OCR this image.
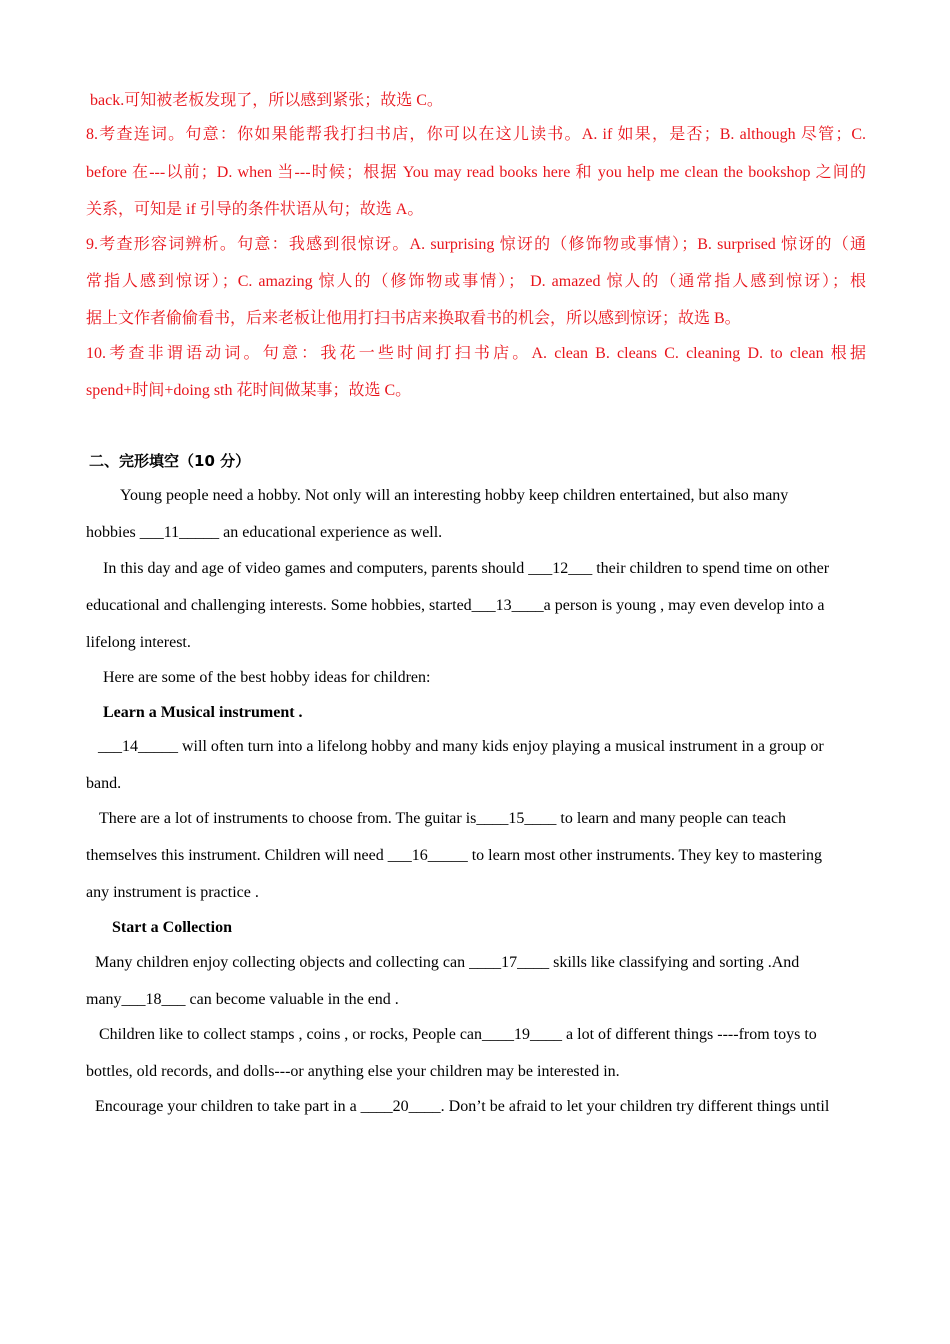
back.可知被老板发现了，所以感到紧张；故选 C。
8.考查连词。句意：你如果能帮我打扫书店，你可以在这儿读书。A. if 如果，是否；B. although 尽管；C.
before 在---以前；D. when 当---时候；根据 You may read books here 和 you help me clean the bookshop 之间的
关系，可知是 if 引导的条件状语从句；故选 A。
9.考查形容词辨析。句意：我感到很惊讶。A. surprising 惊讶的（修饰物或事情）；B. surprised 惊讶的（通
常指人感到惊讶）；C. amazing 惊人的（修饰物或事情）； D. amazed 惊人的（通常指人感到惊讶）；根
据上文作者偷偷看书，后来老板让他用打扫书店来换取看书的机会，所以感到惊讶；故选 B。
10.考查非谓语动词。句意：我花一些时间打扫书店。A. clean B. cleans C. cleaning D. to clean 根据
spend+时间+doing sth 花时间做某事；故选 C。
二、完形填空（10 分）
Young people need a hobby. Not only will an interesting hobby keep children entertained, but also many
hobbies ___11_____ an educational experience as well.
In this day and age of video games and computers, parents should ___12___ their children to spend time on other
educational and challenging interests. Some hobbies, started___13____a person is young , may even develop into a
lifelong interest.
Here are some of the best hobby ideas for children:
Learn a Musical instrument .
___14_____ will often turn into a lifelong hobby and many kids enjoy playing a musical instrument in a group or
band.
There are a lot of instruments to choose from. The guitar is____15____ to learn and many people can teach
themselves this instrument. Children will need ___16_____ to learn most other instruments. They key to mastering
any instrument is practice .
Start a Collection
Many children enjoy collecting objects and collecting can ____17____ skills like classifying and sorting .And
many___18___ can become valuable in the end .
Children like to collect stamps , coins , or rocks, People can____19____ a lot of different things ----from toys to
bottles, old records, and dolls---or anything else your children may be interested in.
Encourage your children to take part in a ____20____. Don’t be afraid to let your children try different things until
